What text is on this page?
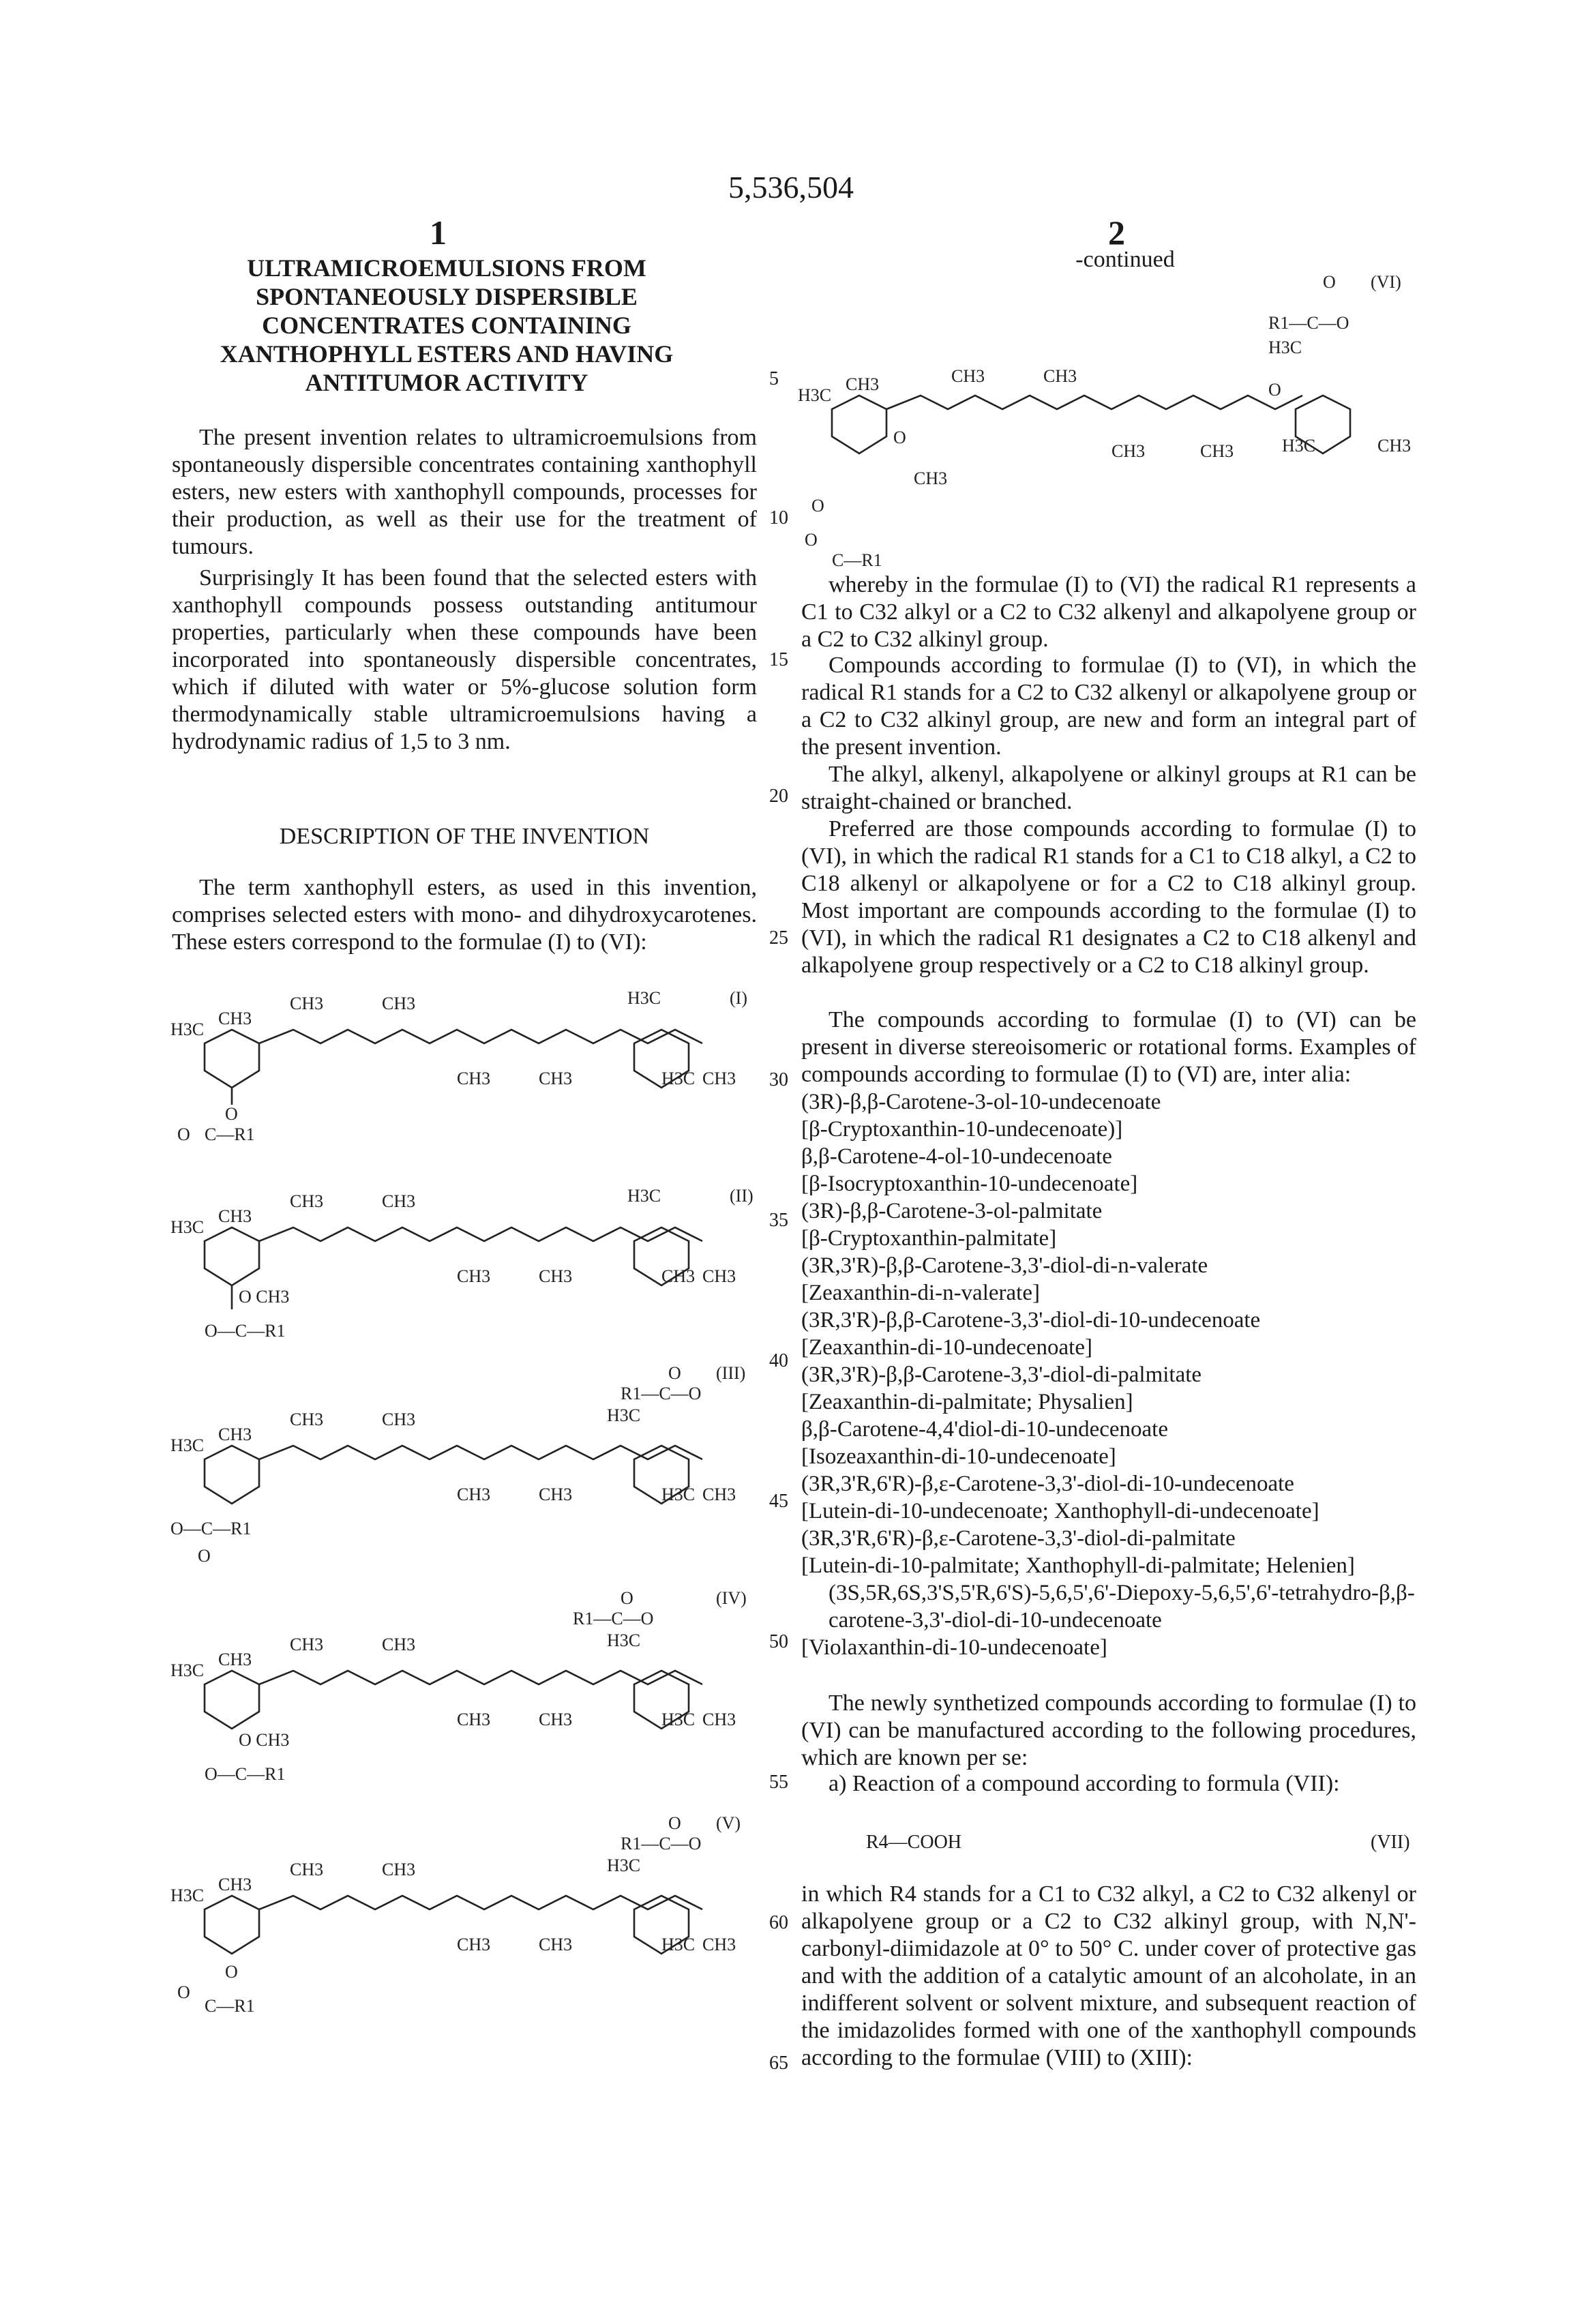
5,536,504
1	2
-continued
ULTRAMICROEMULSIONS FROM
SPONTANEOUSLY DISPERSIBLE
CONCENTRATES CONTAINING
XANTHOPHYLL ESTERS AND HAVING
ANTITUMOR ACTIVITY
The present invention relates to ultramicroemulsions from spontaneously dispersible concentrates containing xanthophyll esters, new esters with xanthophyll compounds, processes for their production, as well as their use for the treatment of tumours.
Surprisingly It has been found that the selected esters with xanthophyll compounds possess outstanding antitumour properties, particularly when these compounds have been incorporated into spontaneously dispersible concentrates, which if diluted with water or 5%-glucose solution form thermodynamically stable ultramicroemulsions having a hydrodynamic radius of 1,5 to 3 nm.
DESCRIPTION OF THE INVENTION
The term xanthophyll esters, as used in this invention, comprises selected esters with mono- and dihydroxycarotenes. These esters correspond to the formulae (I) to (VI):
5
10
15
20
25
30
35
40
45
50
55
60
65
H3C
CH3
CH3	CH3	H3C
CH3	CH3	H3C CH3
O
O C—R1
(I)
H3C
CH3
CH3	CH3	H3C
CH3	CH3	CH3 CH3
O CH3
O—C—R1
(II)
H3C
CH3
CH3	CH3	H3C
R1—C—O
O
CH3	CH3	H3C CH3
O—C—R1
O
(III)
H3C
CH3
CH3	CH3	H3C
R1—C—O
O
CH3	CH3	H3C CH3
O CH3
O—C—R1
(IV)
H3C
CH3
CH3	CH3	H3C
R1—C—O
O
CH3	CH3	H3C CH3
O
O
C—R1
(V)
H3C
CH3	CH3	CH3
H3C
R1—C—O
O
O
CH3
CH3	CH3
O
H3C	CH3
O
O
C—R1
(VI)
whereby in the formulae (I) to (VI) the radical R1 represents a C1 to C32 alkyl or a C2 to C32 alkenyl and alkapolyene group or a C2 to C32 alkinyl group.
Compounds according to formulae (I) to (VI), in which the radical R1 stands for a C2 to C32 alkenyl or alkapolyene group or a C2 to C32 alkinyl group, are new and form an integral part of the present invention.
The alkyl, alkenyl, alkapolyene or alkinyl groups at R1 can be straight-chained or branched.
Preferred are those compounds according to formulae (I) to (VI), in which the radical R1 stands for a C1 to C18 alkyl, a C2 to C18 alkenyl or alkapolyene or for a C2 to C18 alkinyl group. Most important are compounds according to the formulae (I) to (VI), in which the radical R1 designates a C2 to C18 alkenyl and alkapolyene group respectively or a C2 to C18 alkinyl group.
The compounds according to formulae (I) to (VI) can be present in diverse stereoisomeric or rotational forms. Examples of compounds according to formulae (I) to (VI) are, inter alia:
(3R)-β,β-Carotene-3-ol-10-undecenoate
[β-Cryptoxanthin-10-undecenoate)]
β,β-Carotene-4-ol-10-undecenoate
[β-Isocryptoxanthin-10-undecenoate]
(3R)-β,β-Carotene-3-ol-palmitate
[β-Cryptoxanthin-palmitate]
(3R,3'R)-β,β-Carotene-3,3'-diol-di-n-valerate
[Zeaxanthin-di-n-valerate]
(3R,3'R)-β,β-Carotene-3,3'-diol-di-10-undecenoate
[Zeaxanthin-di-10-undecenoate]
(3R,3'R)-β,β-Carotene-3,3'-diol-di-palmitate
[Zeaxanthin-di-palmitate; Physalien]
β,β-Carotene-4,4'diol-di-10-undecenoate
[Isozeaxanthin-di-10-undecenoate]
(3R,3'R,6'R)-β,ε-Carotene-3,3'-diol-di-10-undecenoate
[Lutein-di-10-undecenoate; Xanthophyll-di-undecenoate]
(3R,3'R,6'R)-β,ε-Carotene-3,3'-diol-di-palmitate
[Lutein-di-10-palmitate; Xanthophyll-di-palmitate; Helenien](3S,5R,6S,3'S,5'R,6'S)-5,6,5',6'-Diepoxy-5,6,5',6'-tetrahydro-β,β-carotene-3,3'-diol-di-10-undecenoate
[Violaxanthin-di-10-undecenoate]
The newly synthetized compounds according to formulae (I) to (VI) can be manufactured according to the following procedures, which are known per se:
a) Reaction of a compound according to formula (VII):
R4—COOH	(VII)
in which R4 stands for a C1 to C32 alkyl, a C2 to C32 alkenyl or alkapolyene group or a C2 to C32 alkinyl group, with N,N'-carbonyl-diimidazole at 0° to 50° C. under cover of protective gas and with the addition of a catalytic amount of an alcoholate, in an indifferent solvent or solvent mixture, and subsequent reaction of the imidazolides formed with one of the xanthophyll compounds according to the formulae (VIII) to (XIII):
